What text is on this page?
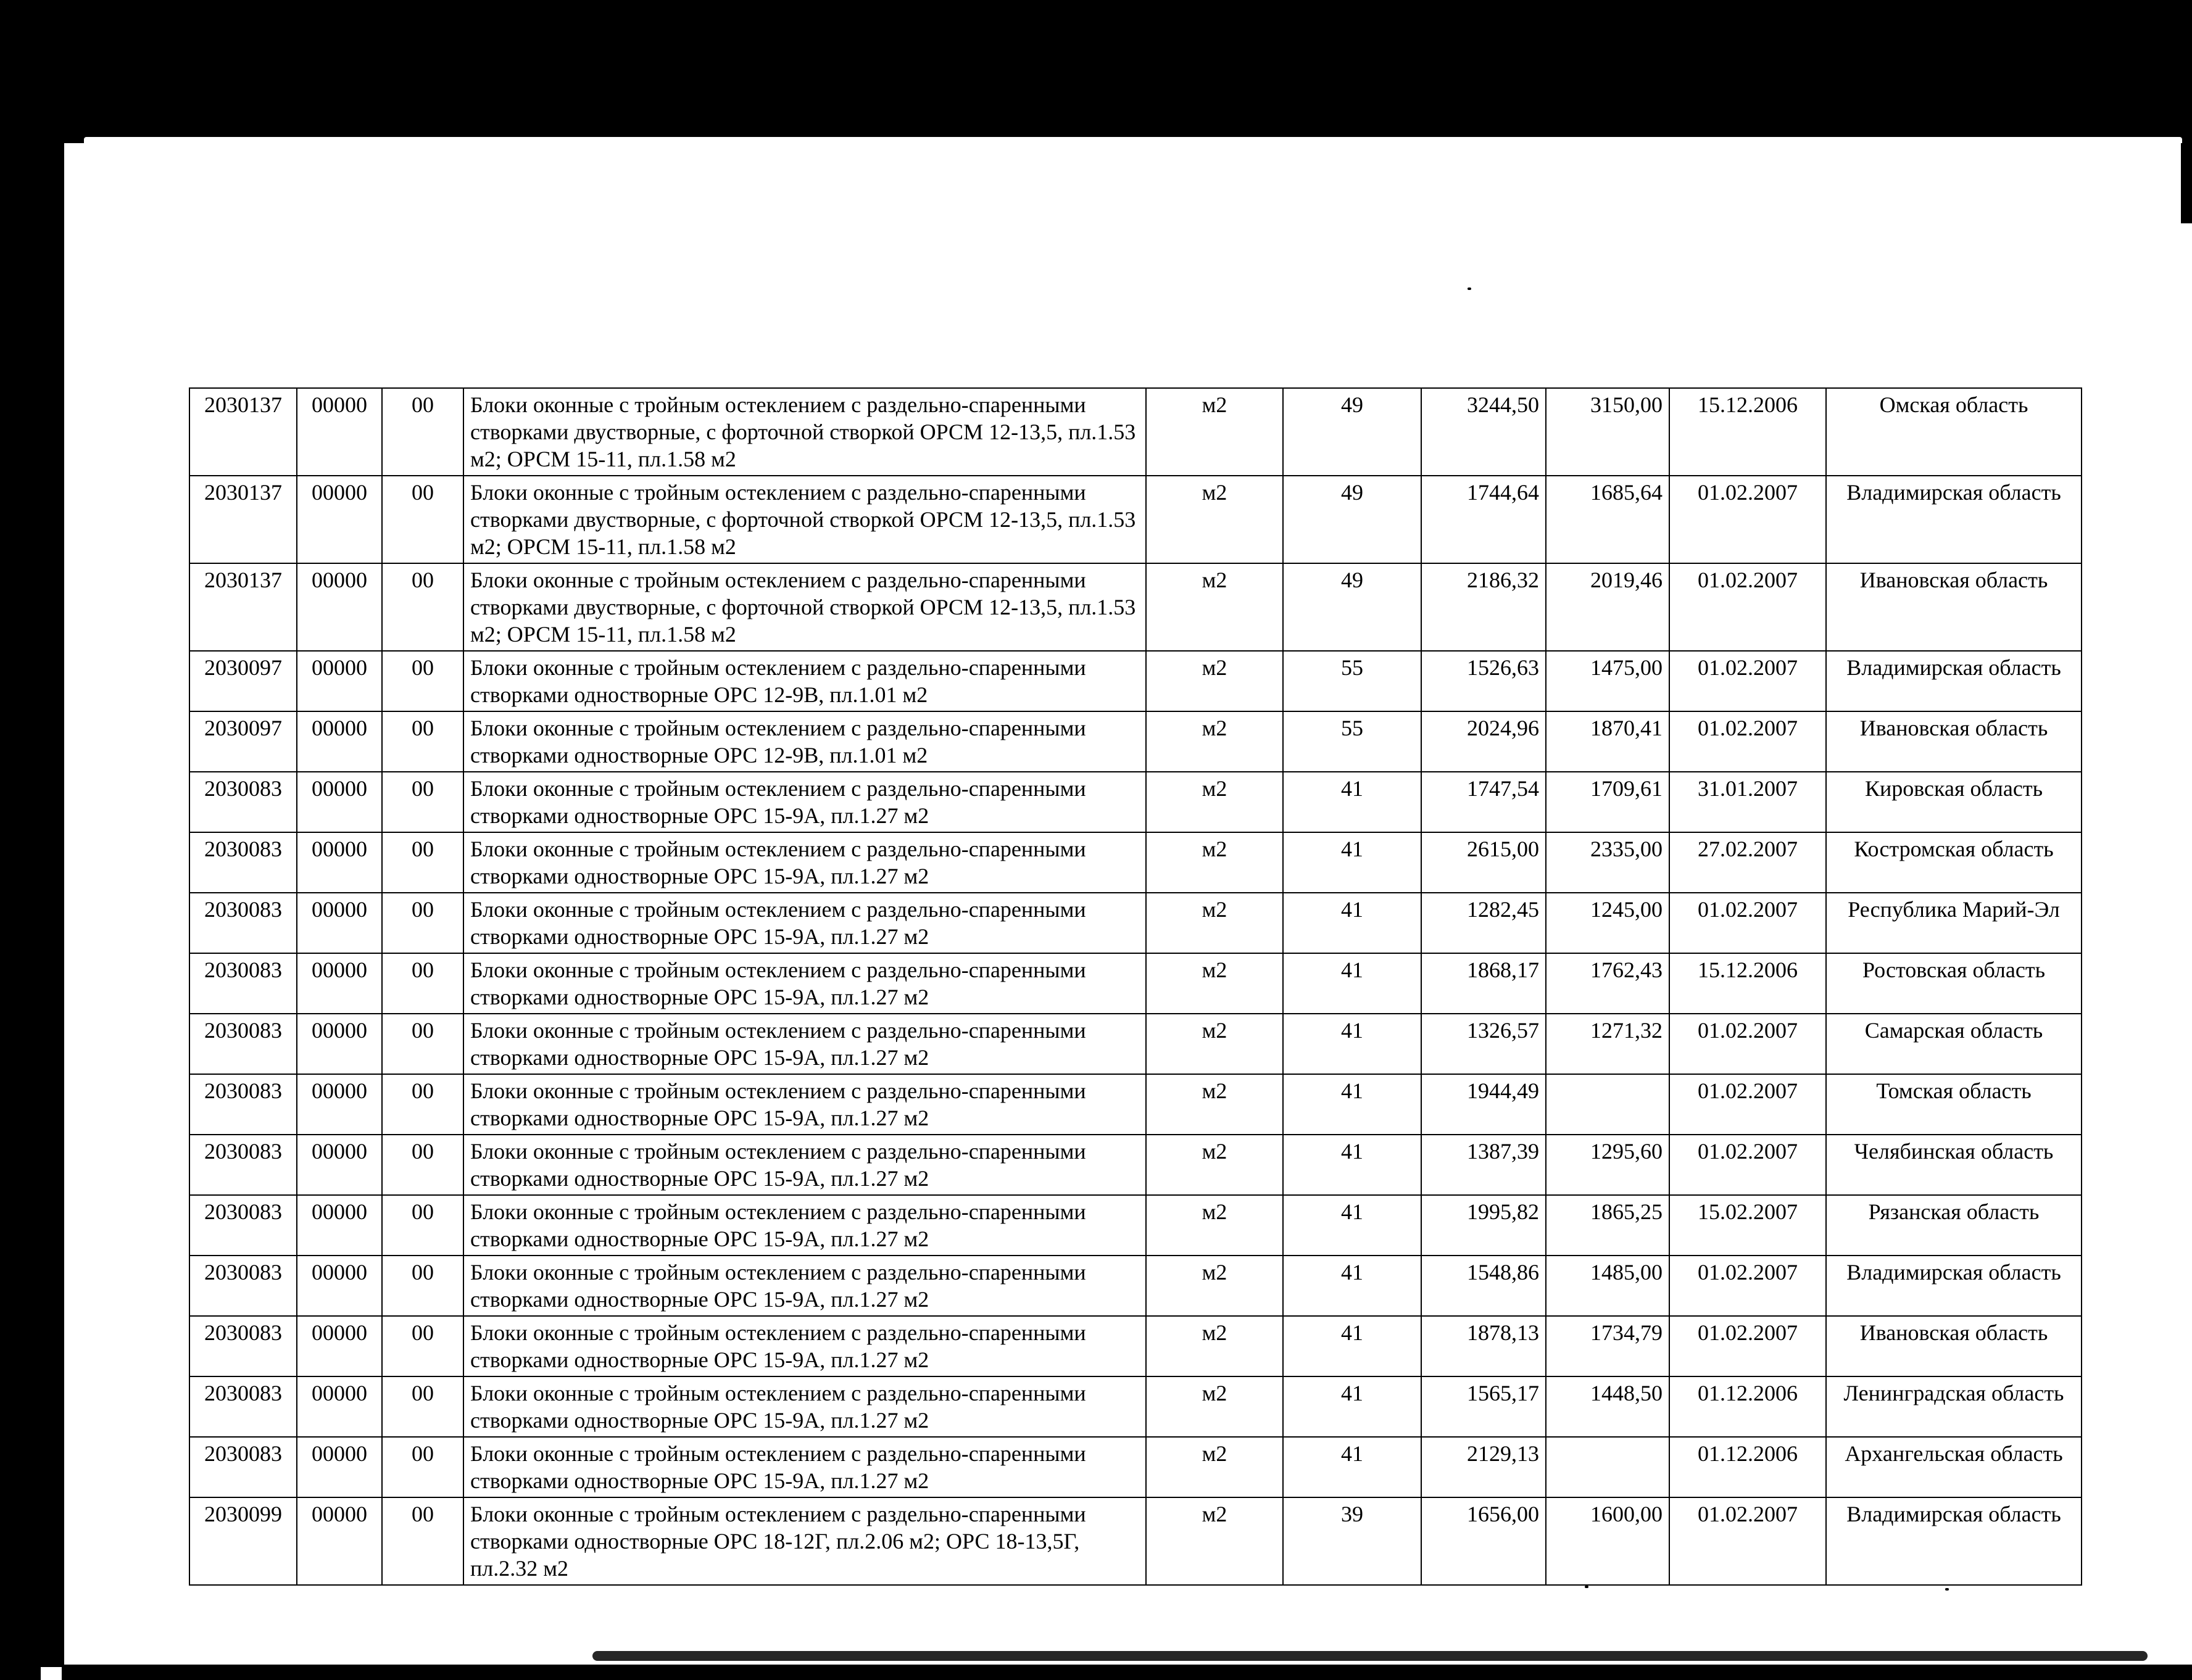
2030137	00000	00	Блоки оконные с тройным остеклением с раздельно-спаренными створками двустворные, с форточной створкой ОРСМ 12-13,5, пл.1.53 м2; ОРСМ 15-11, пл.1.58 м2	м2	49	3244,50	3150,00	15.12.2006	Омская область
2030137	00000	00	Блоки оконные с тройным остеклением с раздельно-спаренными створками двустворные, с форточной створкой ОРСМ 12-13,5, пл.1.53 м2; ОРСМ 15-11, пл.1.58 м2	м2	49	1744,64	1685,64	01.02.2007	Владимирская область
2030137	00000	00	Блоки оконные с тройным остеклением с раздельно-спаренными створками двустворные, с форточной створкой ОРСМ 12-13,5, пл.1.53 м2; ОРСМ 15-11, пл.1.58 м2	м2	49	2186,32	2019,46	01.02.2007	Ивановская область
2030097	00000	00	Блоки оконные с тройным остеклением с раздельно-спаренными створками одностворные ОРС 12-9В, пл.1.01 м2	м2	55	1526,63	1475,00	01.02.2007	Владимирская область
2030097	00000	00	Блоки оконные с тройным остеклением с раздельно-спаренными створками одностворные ОРС 12-9В, пл.1.01 м2	м2	55	2024,96	1870,41	01.02.2007	Ивановская область
2030083	00000	00	Блоки оконные с тройным остеклением с раздельно-спаренными створками одностворные ОРС 15-9А, пл.1.27 м2	м2	41	1747,54	1709,61	31.01.2007	Кировская область
2030083	00000	00	Блоки оконные с тройным остеклением с раздельно-спаренными створками одностворные ОРС 15-9А, пл.1.27 м2	м2	41	2615,00	2335,00	27.02.2007	Костромская область
2030083	00000	00	Блоки оконные с тройным остеклением с раздельно-спаренными створками одностворные ОРС 15-9А, пл.1.27 м2	м2	41	1282,45	1245,00	01.02.2007	Республика Марий-Эл
2030083	00000	00	Блоки оконные с тройным остеклением с раздельно-спаренными створками одностворные ОРС 15-9А, пл.1.27 м2	м2	41	1868,17	1762,43	15.12.2006	Ростовская область
2030083	00000	00	Блоки оконные с тройным остеклением с раздельно-спаренными створками одностворные ОРС 15-9А, пл.1.27 м2	м2	41	1326,57	1271,32	01.02.2007	Самарская область
2030083	00000	00	Блоки оконные с тройным остеклением с раздельно-спаренными створками одностворные ОРС 15-9А, пл.1.27 м2	м2	41	1944,49		01.02.2007	Томская область
2030083	00000	00	Блоки оконные с тройным остеклением с раздельно-спаренными створками одностворные ОРС 15-9А, пл.1.27 м2	м2	41	1387,39	1295,60	01.02.2007	Челябинская область
2030083	00000	00	Блоки оконные с тройным остеклением с раздельно-спаренными створками одностворные ОРС 15-9А, пл.1.27 м2	м2	41	1995,82	1865,25	15.02.2007	Рязанская область
2030083	00000	00	Блоки оконные с тройным остеклением с раздельно-спаренными створками одностворные ОРС 15-9А, пл.1.27 м2	м2	41	1548,86	1485,00	01.02.2007	Владимирская область
2030083	00000	00	Блоки оконные с тройным остеклением с раздельно-спаренными створками одностворные ОРС 15-9А, пл.1.27 м2	м2	41	1878,13	1734,79	01.02.2007	Ивановская область
2030083	00000	00	Блоки оконные с тройным остеклением с раздельно-спаренными створками одностворные ОРС 15-9А, пл.1.27 м2	м2	41	1565,17	1448,50	01.12.2006	Ленинградская область
2030083	00000	00	Блоки оконные с тройным остеклением с раздельно-спаренными створками одностворные ОРС 15-9А, пл.1.27 м2	м2	41	2129,13		01.12.2006	Архангельская область
2030099	00000	00	Блоки оконные с тройным остеклением с раздельно-спаренными створками одностворные ОРС 18-12Г, пл.2.06 м2; ОРС 18-13,5Г, пл.2.32 м2	м2	39	1656,00	1600,00	01.02.2007	Владимирская область
